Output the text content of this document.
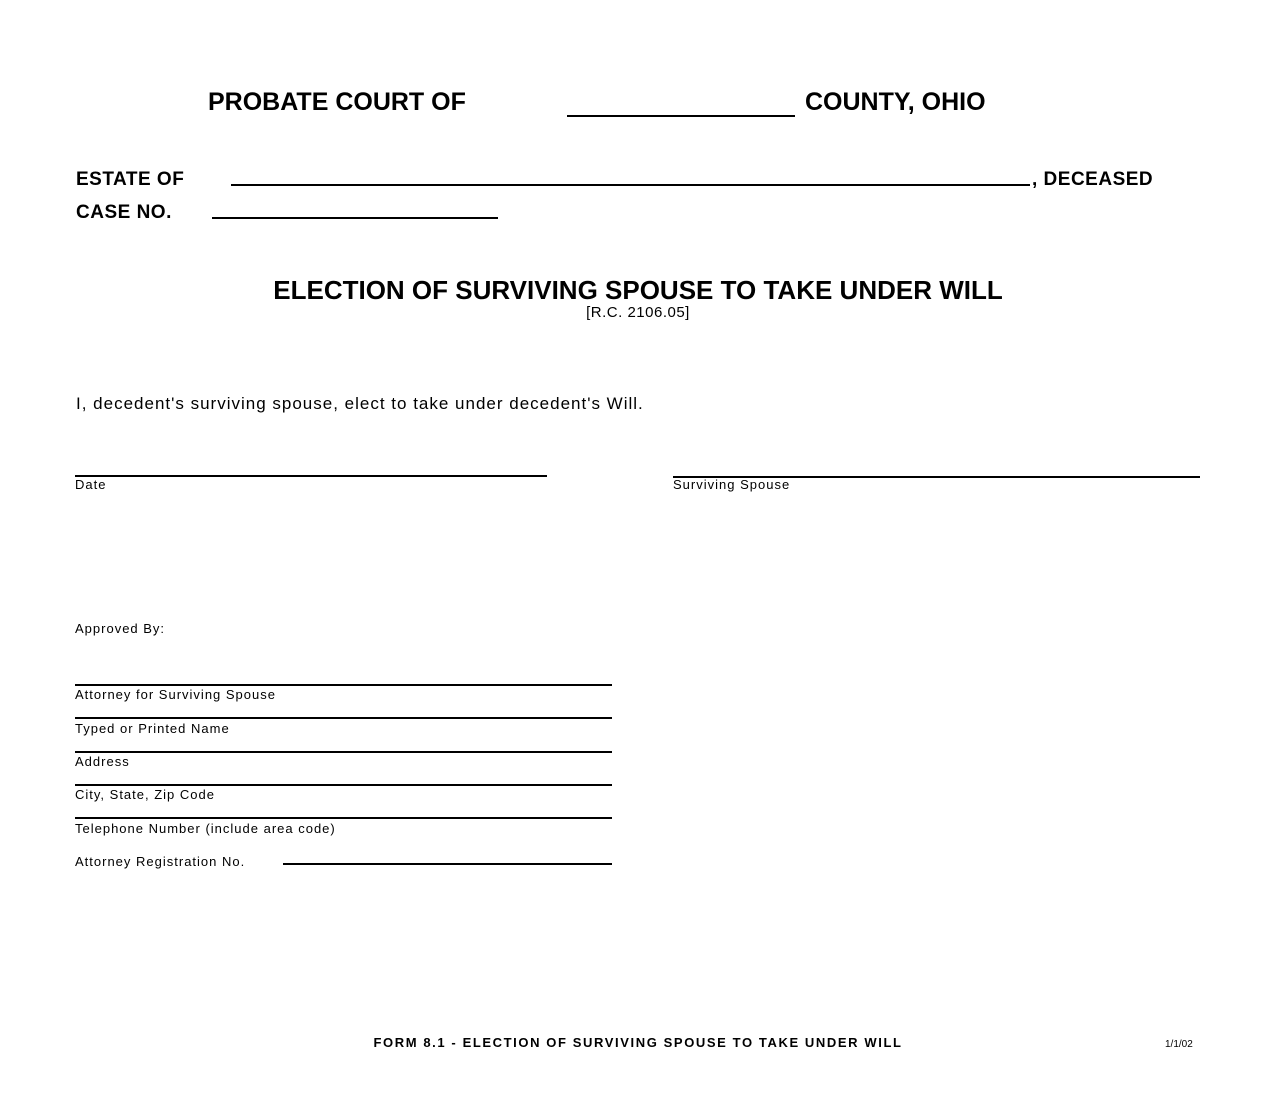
PROBATE COURT OF	COUNTY, OHIO
ESTATE OF	, DECEASED
CASE NO.
ELECTION OF SURVIVING SPOUSE TO TAKE UNDER WILL
[R.C. 2106.05]
I, decedent's surviving spouse, elect to take under decedent's Will.
Date	Surviving Spouse
Approved By:
Attorney for Surviving Spouse
Typed or Printed Name
Address
City, State, Zip Code
Telephone Number (include area code)
Attorney Registration No.
FORM 8.1 - ELECTION OF SURVIVING SPOUSE TO TAKE UNDER WILL	1/1/02
